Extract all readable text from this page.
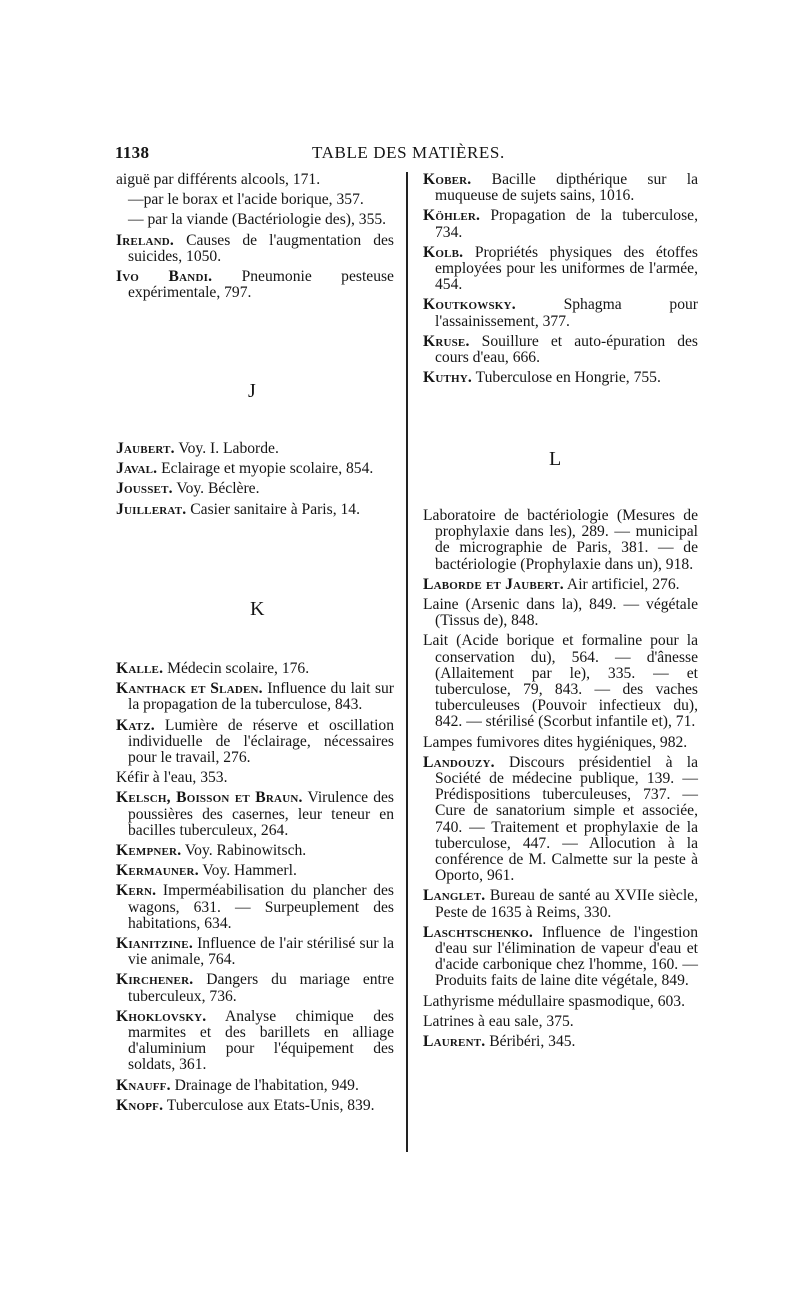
1138	TABLE DES MATIÈRES.

aiguë par différents alcools, 171.

—par le borax et l'acide borique, 357.

— par la viande (Bactériologie des), 355.

Ireland. Causes de l'augmentation des suicides, 1050.

Ivo Bandi. Pneumonie pesteuse expérimentale, 797.

J

Jaubert. Voy. I. Laborde.

Javal. Eclairage et myopie scolaire, 854.

Jousset. Voy. Béclère.

Juillerat. Casier sanitaire à Paris, 14.

K

Kalle. Médecin scolaire, 176.

Kanthack et Sladen. Influence du lait sur la propagation de la tuberculose, 843.

Katz. Lumière de réserve et oscillation individuelle de l'éclairage, nécessaires pour le travail, 276.

Kéfir à l'eau, 353.

Kelsch, Boisson et Braun. Virulence des poussières des casernes, leur teneur en bacilles tuberculeux, 264.

Kempner. Voy. Rabinowitsch.

Kermauner. Voy. Hammerl.

Kern. Imperméabilisation du plancher des wagons, 631. — Surpeuplement des habitations, 634.

Kianitzine. Influence de l'air stérilisé sur la vie animale, 764.

Kirchener. Dangers du mariage entre tuberculeux, 736.

Khoklovsky. Analyse chimique des marmites et des barillets en alliage d'aluminium pour l'équipement des soldats, 361.

Knauff. Drainage de l'habitation, 949.

Knopf. Tuberculose aux Etats-Unis, 839.

Kober. Bacille dipthérique sur la muqueuse de sujets sains, 1016.

Köhler. Propagation de la tuberculose, 734.

Kolb. Propriétés physiques des étoffes employées pour les uniformes de l'armée, 454.

Koutkowsky. Sphagma pour l'assainissement, 377.

Kruse. Souillure et auto-épuration des cours d'eau, 666.

Kuthy. Tuberculose en Hongrie, 755.

L

Laboratoire de bactériologie (Mesures de prophylaxie dans les), 289. — municipal de micrographie de Paris, 381. — de bactériologie (Prophylaxie dans un), 918.

Laborde et Jaubert. Air artificiel, 276.

Laine (Arsenic dans la), 849. — végétale (Tissus de), 848.

Lait (Acide borique et formaline pour la conservation du), 564. — d'ânesse (Allaitement par le), 335. — et tuberculose, 79, 843. — des vaches tuberculeuses (Pouvoir infectieux du), 842. — stérilisé (Scorbut infantile et), 71.

Lampes fumivores dites hygiéniques, 982.

Landouzy. Discours présidentiel à la Société de médecine publique, 139. — Prédispositions tuberculeuses, 737. — Cure de sanatorium simple et associée, 740. — Traitement et prophylaxie de la tuberculose, 447. — Allocution à la conférence de M. Calmette sur la peste à Oporto, 961.

Langlet. Bureau de santé au XVIIe siècle, Peste de 1635 à Reims, 330.

Laschtschenko. Influence de l'ingestion d'eau sur l'élimination de vapeur d'eau et d'acide carbonique chez l'homme, 160. — Produits faits de laine dite végétale, 849.

Lathyrisme médullaire spasmodique, 603.

Latrines à eau sale, 375.

Laurent. Béribéri, 345.
